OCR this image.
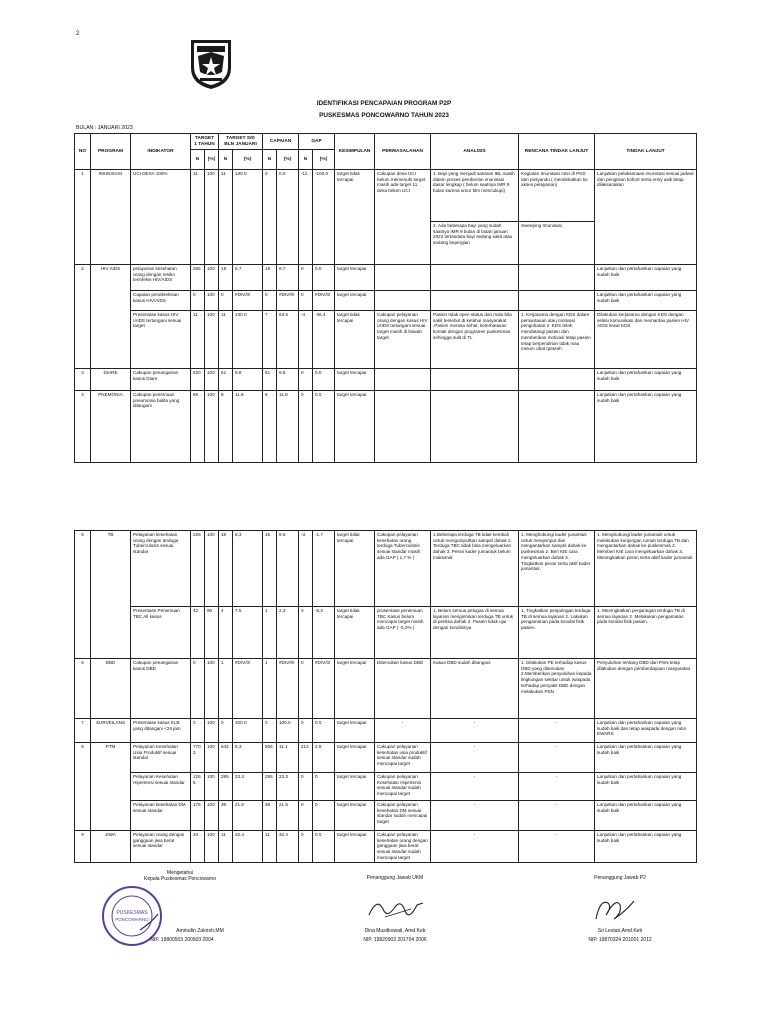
2
IDENTIFIKASI PENCAPAIAN PROGRAM P2P
PUSKESMAS PONCOWARNO TAHUN 2023
BULAN : JANUARI 2023
NO	PROGRAM	INDIKATOR	TARGET 1 TAHUN		TARGET S/D BLN JANUARI		CAPAIAN		GAP		KESIMPULAN	PERMASALAHAN	ANALISIS	RENCANA TINDAK LANJUT	TINDAK LANJUT
			N	(%)	N	(%)	N	(%)	N	(%)					
1	IMUNISASI	UCI DESA 100%	11	100	11	100.0	0	0.0	-11	-100.0	target tidak tercapai	Cakupan desa UCI belum memenuhi target masih ada target 11 desa belum UCI	1. Bayi yang menjadi sasaran IBL masih dalam proses pemberian imunisasi dasar lengkap ( belum saatnya IMR 9 bulan karena umur blm mencukupi)	Kegiatan Imunisasi rutin di PKD dan posyandu ( mendekatkan ke akses pelayanan)	Lanjutkan pelaksanaan imunisasi sesuai jadwal dan pengisian kohort serta entry asik tetap dilaksanakan
													2. Ada beberapa bayi yang sudah saatnya IMR 9 bulan di bulan januari 2023 tertandata bayi sedang sakit atau sedang bepergian	Sweeping Imunisasi	
2	HIV AIDS	pelayanan kesehatan orang dengan resiko terinfeksi HIV/AIDS	265	100	19	8.7	19	8.7	0	0.0	target tercapai				Lanjutkan dan pertahankan capaian yang sudah baik
		Capaian pendeteksian kasus HIV/AIDS	0	100	0	#DIV/0!	0	#DIV/0!	0	#DIV/0!	target tercapai				Lanjutkan dan pertahankan capaian yang sudah baik
		Presentase kasus HIV /AIDS tertangani sesuai target	11	100	11	100.0	7	63.6	-4	-36.4	target tidak tercapai	Cakupan pelayanan orang dengan kasus HIV /AIDS tertangani sesuai target masih di bawah target	Pasien tidak open status dan malu bila sakit tersebut di ketahui masyarakat .Pasien merasa sehat, keterbatasan kontak dengan programer puskesmas sehingga sulit di TL	1. Kerjasama dengan KDS dalam pemantauan atau motivasi pengobatan 2. KDS telah mendatangi pasien dan memberikan motivasi tetap pasien tetap berpendirian tidak mau minum obat Ipasrah	Dilakukan kerjasama dengan KDS dengan selalu komunikasi dan memantau pasien HIV AIDS lewat KDS
3	DIARE	Cakupan penanganan kasus Diare	520	100	51	9.8	51	9.8	0	0.0	target tercapai				Lanjutkan dan pertahankan capaian yang sudah baik
4	PNEMONIA	Cakupan penemuan pneumonia balita yang ditangani	68	100	8	11.8	8	11.8	0	0.0	target tercapai				Lanjutkan dan pertahankan capaian yang sudah baik
5	TB	Pelayanan kesehatan orang dengan terduga Tuberculosis sesuai standar	226	100	18	8,3	15	6.6	-3	-1.7	target tidak tercapai	Cakupan pelayanan kesehatan orang terduga Tuberculosis sesuai standar masih ada GAP ( 1,7 % )	1.Beberapa terduga TB tidak kembali untuk mengumpulkan sampel dahak 2. Terduga TBC tidak bisa mengeluarkan dahak 3. Peran kader jumantuk belum maksimal	1. Menghubungi kader jumantuk untuk menjemput dan mengantarkan sampel dahak ke puskesmas 2. Beri KIE cara mengeluarkan dahak 3. Tingkatkan peran serta aktif kader jumantuk	1. Menghubungi kader jumantuk untuk melakukan kunjungan rumah terduga TB dan mengantarkan dahak ke puskesmas 2. Memberi KIE cara mengeluarkan dahak 3. Meningkatkan peran serta aktif kader jumantuk
		Presentase Penemuan TBC All kasus	42	90	4	7.5	1	2,3	3	-5,2	target tidak tercapai	prosentase penemuan TBC Kasus belum mencapai target masih ada GAP ( -5,2% )	1. Belum semua petugas di semua layanan mengirimkan terduga TB untuk di periksa dahak 2. Pasien tidak ujur dengan kondisinya	1. Tingkatkan penjaringan terduga TB di semua layanan 2. Lakukan pengamanan pada kondisi fisik pasien.	1. Meningkatkan penjaringan terduga TB di semua layanan 2. Melakukan pengamatan pada kondisi fisik pasien.
6	DBD	Cakupan penanganan kasus DBD	0	100	1	#DIV/0!	1	#DIV/0!	0	#DIV/0!	target tercapai	Ditemukan kasus DBD	Kasus DBD sudah ditangani	1. Dilakukan PE terhadap kasus DBD yang ditemukan 2.Memberikan penyuluhan kepada lingkungan sekitar untuk waspada terhadap penyakit DBD dengan melakukan PSN	Penyuluhan tentang DBD dan PSN tetap dilakukan dengan pemberdayaan masyarakat
7	SURVEILANS	Presentase kasus KLB yang ditangani <24 jam	0	100	0	100.0	0	100.0	0	0.0	target tercapai	-	-	-	Lanjutkan dan pertahankan capaian yang sudah baik dan tetap waspada dengan rutin EWARS
8	PTM	Pelayanan Kesehatan Usia Produktif sesuai standar	7703	100	642	8,3	856	11.1	214	2.8	target tercapai	Cakupan pelayanan kesehatan usia produktif sesuai standar sudah mencapai target	-	-	Lanjutkan dan pertahankan capaian yang sudah baik
		Pelayanan Kesehatan Hipertensi sesuai standar	1265	100	295	23.3	295	23.3	0	0	target tercapai	Cakupan pelayanan Kesehatan Hipertensi sesuai standar sudah mencapai target	-	-	Lanjutkan dan pertahankan capaian yang sudah baik
		Pelayanan kesehatan DM sesuai standar	176	100	38	21.6	38	21.6	0	0	target tercapai	Cakupan pelayanan kesehatan DM sesuai standar sudah mencapai target	-	-	Lanjutkan dan pertahankan capaian yang sudah baik
9	JIWA	Pelayanan orang dengan gangguan jiwa berat sesuai standar	34	100	11	32.4	11	32.4	0	0.0	target tercapai	Cakupan pelayanan kesehatan orang dengan gangguan jiwa berat sesuai standar sudah mencapai target	-	-	Lanjutkan dan pertahankan capaian yang sudah baik
Mengetahui
Kepala Puskesmas Poncowarno
PUSKESMAS
PONCOWARNO
Amirudin Zakiroh,MM
NIP. 19800503 200903 2004
Penanggung Jawab UKM
Dina Musitkowati, Amd Keb
NIP. 19820903 201704 2006
Penanggung Jawab P2
Sri Lestari,Amd.Keb
NIP. 19870324 201001 2012
